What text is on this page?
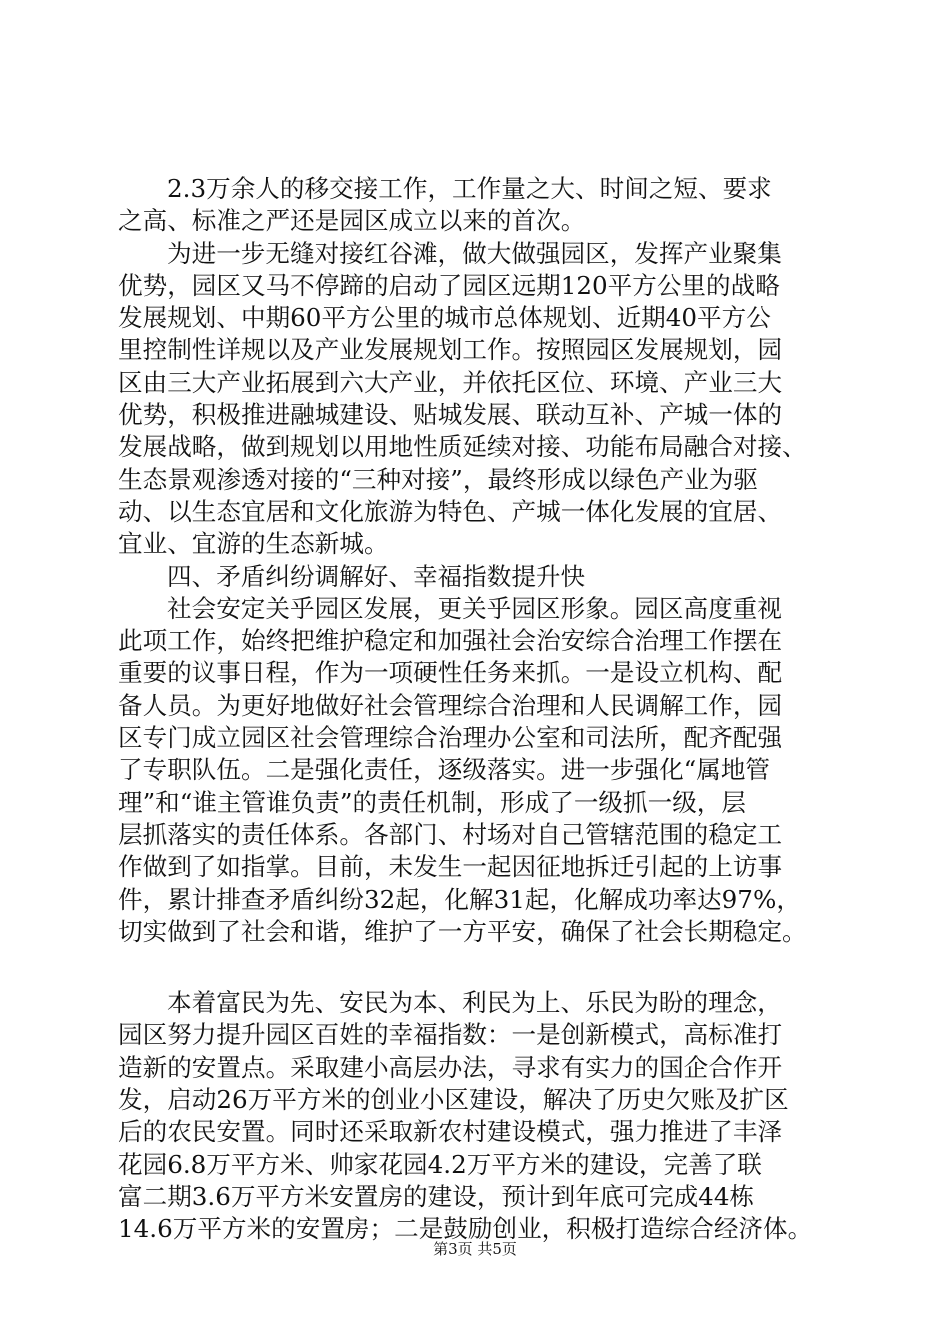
2.3万余人的移交接工作，工作量之大、时间之短、要求
之高、标准之严还是园区成立以来的首次。
为进一步无缝对接红谷滩，做大做强园区，发挥产业聚集
优势，园区又马不停蹄的启动了园区远期120平方公里的战略
发展规划、中期60平方公里的城市总体规划、近期40平方公
里控制性详规以及产业发展规划工作。按照园区发展规划，园
区由三大产业拓展到六大产业，并依托区位、环境、产业三大
优势，积极推进融城建设、贴城发展、联动互补、产城一体的
发展战略，做到规划以用地性质延续对接、功能布局融合对接、
生态景观渗透对接的“三种对接”，最终形成以绿色产业为驱
动、以生态宜居和文化旅游为特色、产城一体化发展的宜居、
宜业、宜游的生态新城。
四、矛盾纠纷调解好、幸福指数提升快
社会安定关乎园区发展，更关乎园区形象。园区高度重视
此项工作，始终把维护稳定和加强社会治安综合治理工作摆在
重要的议事日程，作为一项硬性任务来抓。一是设立机构、配
备人员。为更好地做好社会管理综合治理和人民调解工作，园
区专门成立园区社会管理综合治理办公室和司法所，配齐配强
了专职队伍。二是强化责任，逐级落实。进一步强化“属地管
理”和“谁主管谁负责”的责任机制，形成了一级抓一级，层
层抓落实的责任体系。各部门、村场对自己管辖范围的稳定工
作做到了如指掌。目前，未发生一起因征地拆迁引起的上访事
件，累计排查矛盾纠纷32起，化解31起，化解成功率达97%，
切实做到了社会和谐，维护了一方平安，确保了社会长期稳定。
本着富民为先、安民为本、利民为上、乐民为盼的理念，
园区努力提升园区百姓的幸福指数：一是创新模式，高标准打
造新的安置点。采取建小高层办法，寻求有实力的国企合作开
发，启动26万平方米的创业小区建设，解决了历史欠账及扩区
后的农民安置。同时还采取新农村建设模式，强力推进了丰泽
花园6.8万平方米、帅家花园4.2万平方米的建设，完善了联
富二期3.6万平方米安置房的建设，预计到年底可完成44栋
14.6万平方米的安置房；二是鼓励创业，积极打造综合经济体。
第3页 共5页
